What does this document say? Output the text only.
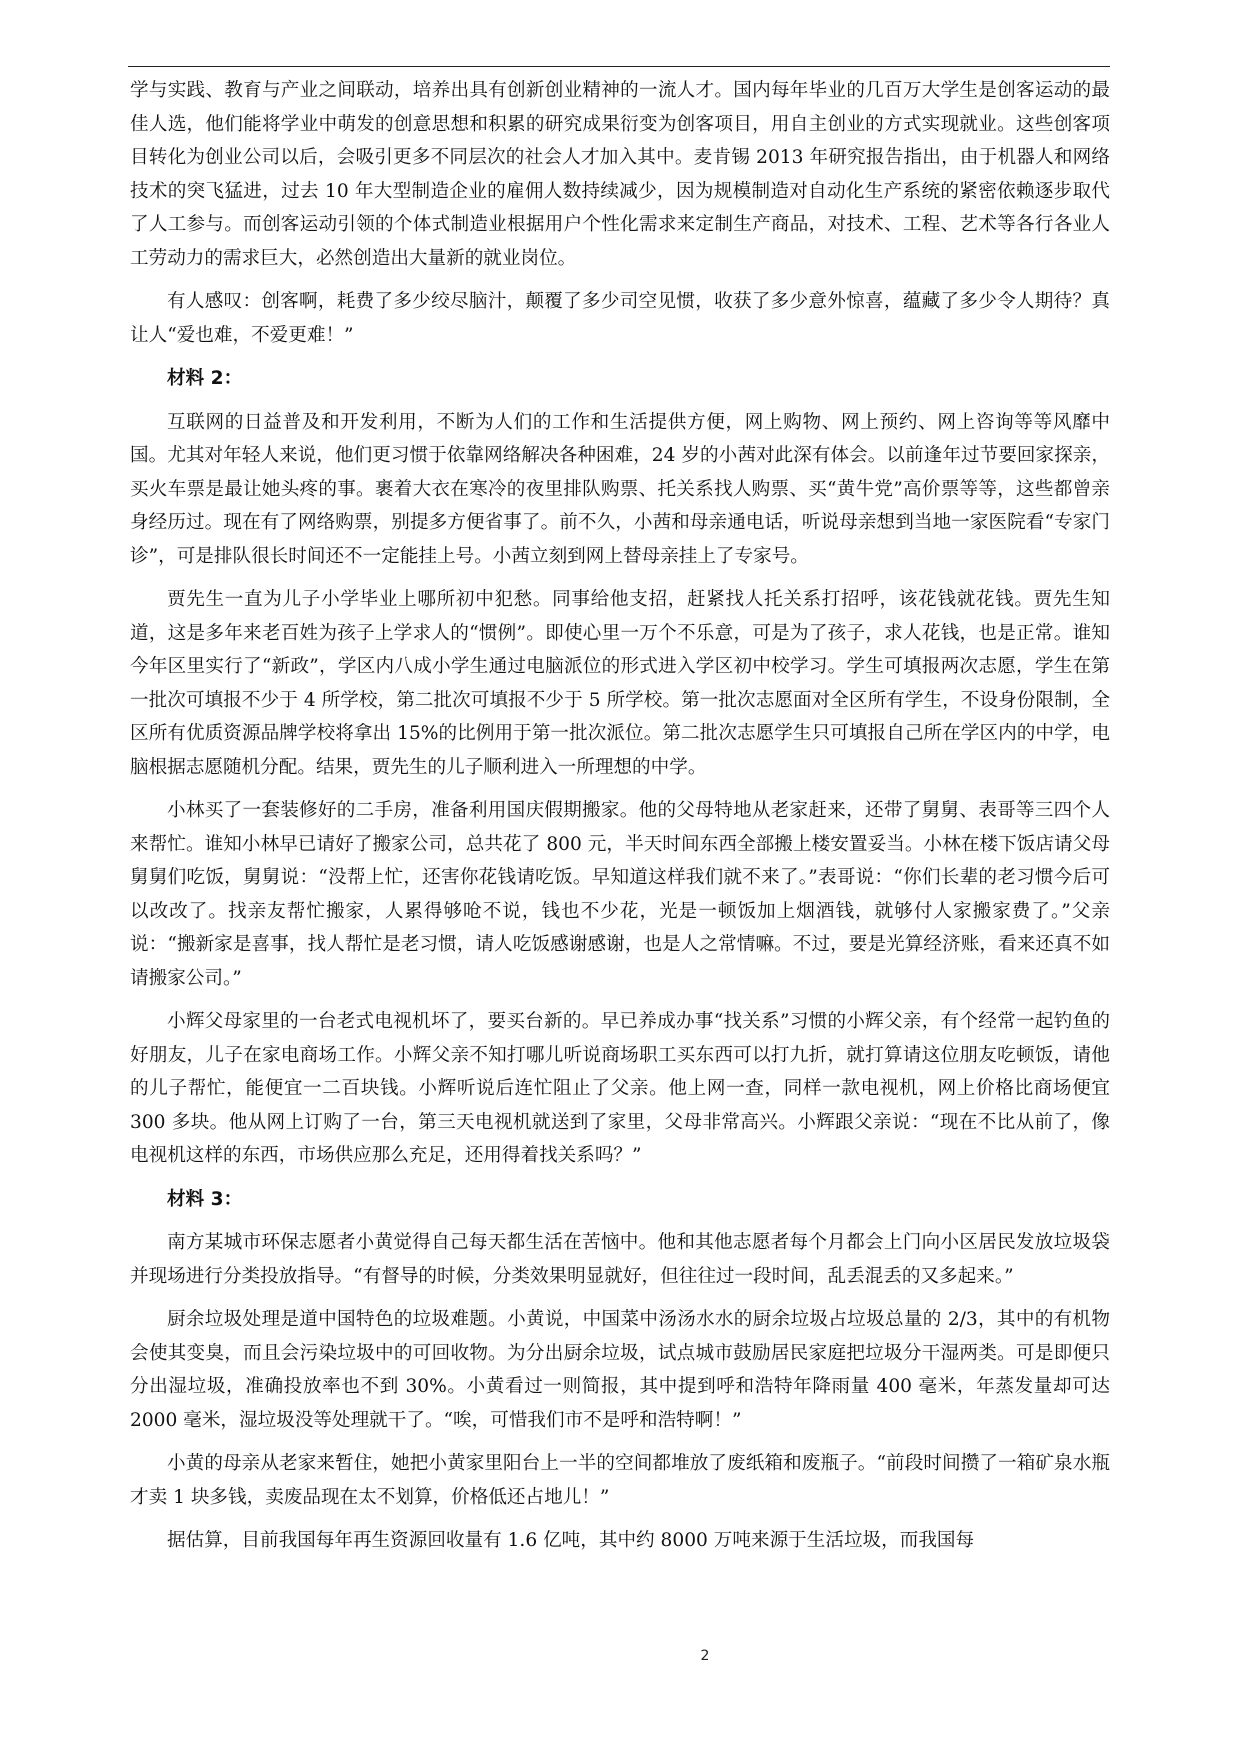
学与实践、教育与产业之间联动，培养出具有创新创业精神的一流人才。国内每年毕业的几百万大学生是创客运动的最佳人选，他们能将学业中萌发的创意思想和积累的研究成果衍变为创客项目，用自主创业的方式实现就业。这些创客项目转化为创业公司以后，会吸引更多不同层次的社会人才加入其中。麦肯锡 2013 年研究报告指出，由于机器人和网络技术的突飞猛进，过去 10 年大型制造企业的雇佣人数持续减少，因为规模制造对自动化生产系统的紧密依赖逐步取代了人工参与。而创客运动引领的个体式制造业根据用户个性化需求来定制生产商品，对技术、工程、艺术等各行各业人工劳动力的需求巨大，必然创造出大量新的就业岗位。

有人感叹：创客啊，耗费了多少绞尽脑汁，颠覆了多少司空见惯，收获了多少意外惊喜，蕴藏了多少令人期待？真让人“爱也难，不爱更难！”

材料 2：

互联网的日益普及和开发利用，不断为人们的工作和生活提供方便，网上购物、网上预约、网上咨询等等风靡中国。尤其对年轻人来说，他们更习惯于依靠网络解决各种困难，24 岁的小茜对此深有体会。以前逢年过节要回家探亲，买火车票是最让她头疼的事。裹着大衣在寒冷的夜里排队购票、托关系找人购票、买“黄牛党”高价票等等，这些都曾亲身经历过。现在有了网络购票，别提多方便省事了。前不久，小茜和母亲通电话，听说母亲想到当地一家医院看“专家门诊”，可是排队很长时间还不一定能挂上号。小茜立刻到网上替母亲挂上了专家号。

贾先生一直为儿子小学毕业上哪所初中犯愁。同事给他支招，赶紧找人托关系打招呼，该花钱就花钱。贾先生知道，这是多年来老百姓为孩子上学求人的“惯例”。即使心里一万个不乐意，可是为了孩子，求人花钱，也是正常。谁知今年区里实行了“新政”，学区内八成小学生通过电脑派位的形式进入学区初中校学习。学生可填报两次志愿，学生在第一批次可填报不少于 4 所学校，第二批次可填报不少于 5 所学校。第一批次志愿面对全区所有学生，不设身份限制，全区所有优质资源品牌学校将拿出 15%的比例用于第一批次派位。第二批次志愿学生只可填报自己所在学区内的中学，电脑根据志愿随机分配。结果，贾先生的儿子顺利进入一所理想的中学。

小林买了一套装修好的二手房，准备利用国庆假期搬家。他的父母特地从老家赶来，还带了舅舅、表哥等三四个人来帮忙。谁知小林早已请好了搬家公司，总共花了 800 元，半天时间东西全部搬上楼安置妥当。小林在楼下饭店请父母舅舅们吃饭，舅舅说：“没帮上忙，还害你花钱请吃饭。早知道这样我们就不来了。”表哥说：“你们长辈的老习惯今后可以改改了。找亲友帮忙搬家，人累得够呛不说，钱也不少花，光是一顿饭加上烟酒钱，就够付人家搬家费了。”父亲说：“搬新家是喜事，找人帮忙是老习惯，请人吃饭感谢感谢，也是人之常情嘛。不过，要是光算经济账，看来还真不如请搬家公司。”

小辉父母家里的一台老式电视机坏了，要买台新的。早已养成办事“找关系”习惯的小辉父亲，有个经常一起钓鱼的好朋友，儿子在家电商场工作。小辉父亲不知打哪儿听说商场职工买东西可以打九折，就打算请这位朋友吃顿饭，请他的儿子帮忙，能便宜一二百块钱。小辉听说后连忙阻止了父亲。他上网一查，同样一款电视机，网上价格比商场便宜 300 多块。他从网上订购了一台，第三天电视机就送到了家里，父母非常高兴。小辉跟父亲说：“现在不比从前了，像电视机这样的东西，市场供应那么充足，还用得着找关系吗？”

材料 3：

南方某城市环保志愿者小黄觉得自己每天都生活在苦恼中。他和其他志愿者每个月都会上门向小区居民发放垃圾袋并现场进行分类投放指导。“有督导的时候，分类效果明显就好，但往往过一段时间，乱丢混丢的又多起来。”

厨余垃圾处理是道中国特色的垃圾难题。小黄说，中国菜中汤汤水水的厨余垃圾占垃圾总量的 2/3，其中的有机物会使其变臭，而且会污染垃圾中的可回收物。为分出厨余垃圾，试点城市鼓励居民家庭把垃圾分干湿两类。可是即便只分出湿垃圾，准确投放率也不到 30%。小黄看过一则简报，其中提到呼和浩特年降雨量 400 毫米，年蒸发量却可达 2000 毫米，湿垃圾没等处理就干了。“唉，可惜我们市不是呼和浩特啊！”

小黄的母亲从老家来暂住，她把小黄家里阳台上一半的空间都堆放了废纸箱和废瓶子。“前段时间攒了一箱矿泉水瓶才卖 1 块多钱，卖废品现在太不划算，价格低还占地儿！”

据估算，目前我国每年再生资源回收量有 1.6 亿吨，其中约 8000 万吨来源于生活垃圾，而我国每

2
